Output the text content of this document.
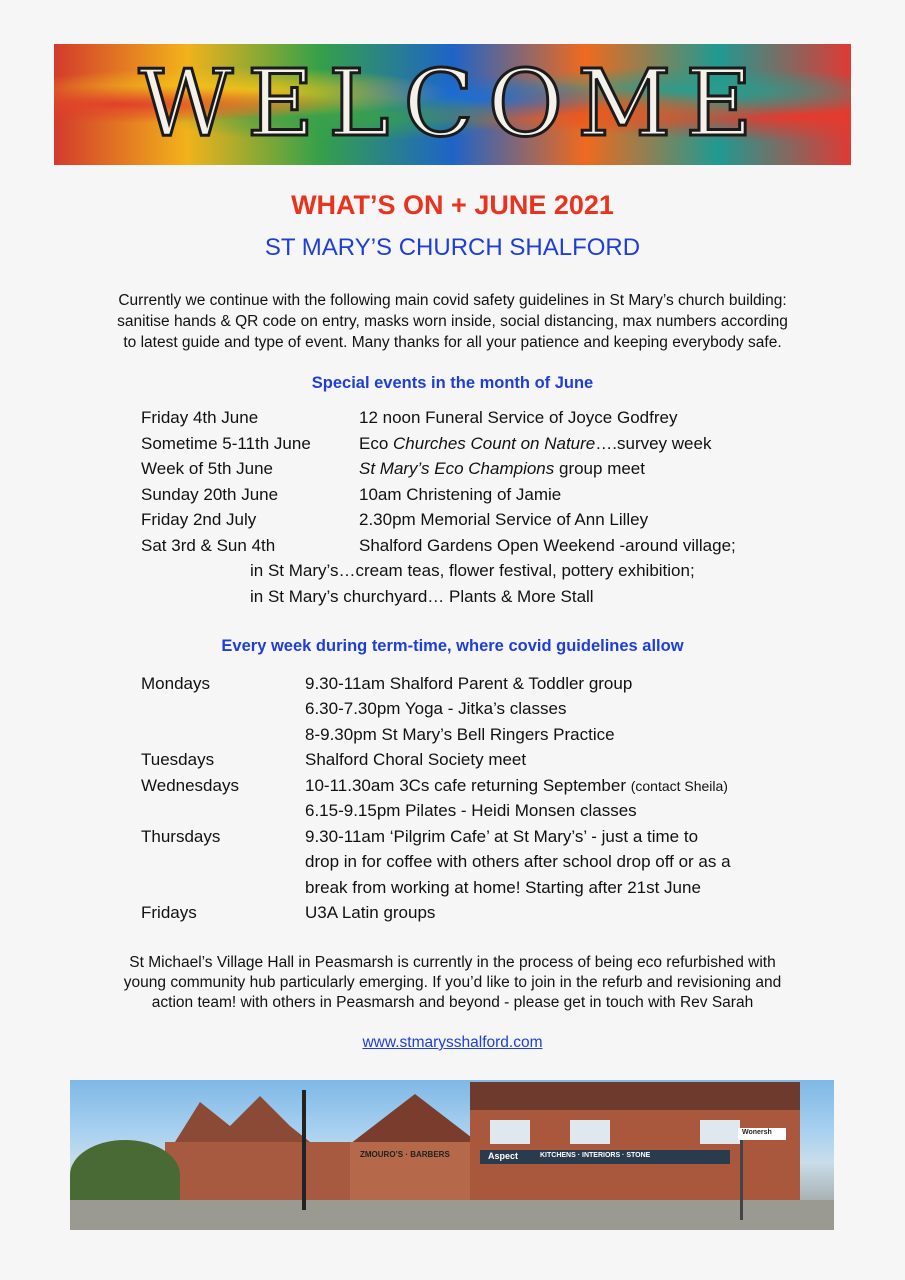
WELCOME
WHAT’S ON + JUNE 2021
ST MARY’S CHURCH SHALFORD
Currently we continue with the following main covid safety guidelines in St Mary’s church building:
sanitise hands & QR code on entry, masks worn inside, social distancing, max numbers according
to latest guide and type of event. Many thanks for all your patience and keeping everybody safe.
Special events in the month of June
Friday 4th June	12 noon Funeral Service of Joyce Godfrey
Sometime 5-11th June	Eco Churches Count on Nature….survey week
Week of 5th June	St Mary’s Eco Champions group meet
Sunday 20th June	10am Christening of Jamie
Friday 2nd July	2.30pm Memorial Service of Ann Lilley
Sat 3rd & Sun 4th	Shalford Gardens Open Weekend -around village;
in St Mary’s…cream teas, flower festival, pottery exhibition;
in St Mary’s churchyard… Plants & More Stall
Every week during term-time, where covid guidelines allow
Mondays	9.30-11am Shalford Parent & Toddler group
6.30-7.30pm Yoga - Jitka’s classes
8-9.30pm St Mary’s Bell Ringers Practice
Tuesdays	Shalford Choral Society meet
Wednesdays	10-11.30am 3Cs cafe returning September (contact Sheila)
6.15-9.15pm Pilates - Heidi Monsen classes
Thursdays	9.30-11am ‘Pilgrim Cafe’ at St Mary’s’ - just a time to
drop in for coffee with others after school drop off or as a
break from working at home! Starting after 21st June
Fridays	U3A Latin groups
St Michael’s Village Hall in Peasmarsh is currently in the process of being eco refurbished with
young community hub particularly emerging. If you’d like to join in the refurb and revisioning and
action team! with others in Peasmarsh and beyond - please get in touch with Rev Sarah
www.stmarysshalford.com
ZMOURO’S · BARBERS	Aspect	KITCHENS · INTERIORS · STONE
Wonersh
